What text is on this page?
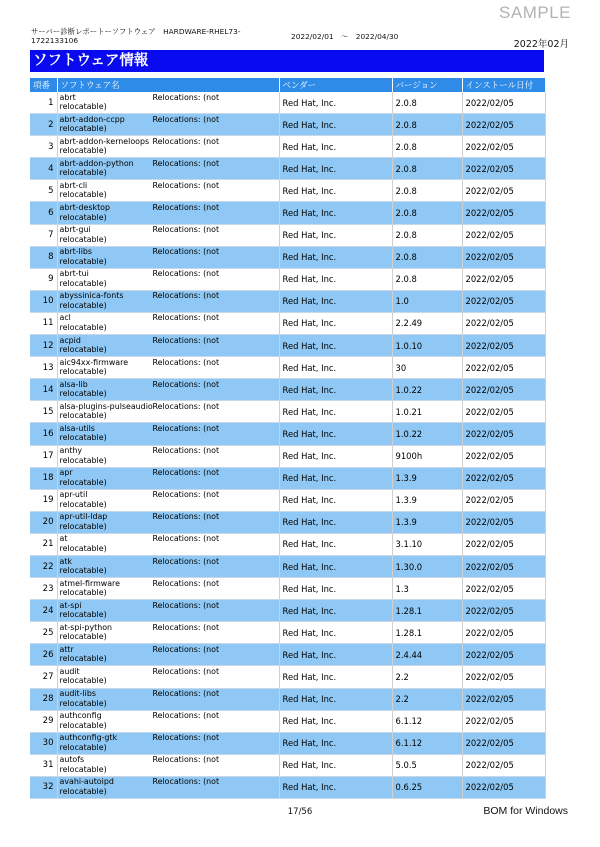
SAMPLE
サーバー診断レポートーソフトウェア　HARDWARE-RHEL73-1722133106	2022/02/01　～　2022/04/30
2022年02月
ソフトウェア情報
項番	ソフトウェア名	ベンダー	バージョン	インストール日付
1	abrt Relocations: (not
relocatable)	Red Hat, Inc.	2.0.8	2022/02/05
2	abrt-addon-ccpp Relocations: (not
relocatable)	Red Hat, Inc.	2.0.8	2022/02/05
3	abrt-addon-kerneloops Relocations: (not
relocatable)	Red Hat, Inc.	2.0.8	2022/02/05
4	abrt-addon-python Relocations: (not
relocatable)	Red Hat, Inc.	2.0.8	2022/02/05
5	abrt-cli Relocations: (not
relocatable)	Red Hat, Inc.	2.0.8	2022/02/05
6	abrt-desktop Relocations: (not
relocatable)	Red Hat, Inc.	2.0.8	2022/02/05
7	abrt-gui Relocations: (not
relocatable)	Red Hat, Inc.	2.0.8	2022/02/05
8	abrt-libs Relocations: (not
relocatable)	Red Hat, Inc.	2.0.8	2022/02/05
9	abrt-tui Relocations: (not
relocatable)	Red Hat, Inc.	2.0.8	2022/02/05
10	abyssinica-fonts Relocations: (not
relocatable)	Red Hat, Inc.	1.0	2022/02/05
11	acl Relocations: (not
relocatable)	Red Hat, Inc.	2.2.49	2022/02/05
12	acpid Relocations: (not
relocatable)	Red Hat, Inc.	1.0.10	2022/02/05
13	aic94xx-firmware Relocations: (not
relocatable)	Red Hat, Inc.	30	2022/02/05
14	alsa-lib Relocations: (not
relocatable)	Red Hat, Inc.	1.0.22	2022/02/05
15	alsa-plugins-pulseaudioRelocations: (not
relocatable)	Red Hat, Inc.	1.0.21	2022/02/05
16	alsa-utils Relocations: (not
relocatable)	Red Hat, Inc.	1.0.22	2022/02/05
17	anthy Relocations: (not
relocatable)	Red Hat, Inc.	9100h	2022/02/05
18	apr Relocations: (not
relocatable)	Red Hat, Inc.	1.3.9	2022/02/05
19	apr-util Relocations: (not
relocatable)	Red Hat, Inc.	1.3.9	2022/02/05
20	apr-util-ldap Relocations: (not
relocatable)	Red Hat, Inc.	1.3.9	2022/02/05
21	at Relocations: (not
relocatable)	Red Hat, Inc.	3.1.10	2022/02/05
22	atk Relocations: (not
relocatable)	Red Hat, Inc.	1.30.0	2022/02/05
23	atmel-firmware Relocations: (not
relocatable)	Red Hat, Inc.	1.3	2022/02/05
24	at-spi Relocations: (not
relocatable)	Red Hat, Inc.	1.28.1	2022/02/05
25	at-spi-python Relocations: (not
relocatable)	Red Hat, Inc.	1.28.1	2022/02/05
26	attr Relocations: (not
relocatable)	Red Hat, Inc.	2.4.44	2022/02/05
27	audit Relocations: (not
relocatable)	Red Hat, Inc.	2.2	2022/02/05
28	audit-libs Relocations: (not
relocatable)	Red Hat, Inc.	2.2	2022/02/05
29	authconfig Relocations: (not
relocatable)	Red Hat, Inc.	6.1.12	2022/02/05
30	authconfig-gtk Relocations: (not
relocatable)	Red Hat, Inc.	6.1.12	2022/02/05
31	autofs Relocations: (not
relocatable)	Red Hat, Inc.	5.0.5	2022/02/05
32	avahi-autoipd Relocations: (not
relocatable)	Red Hat, Inc.	0.6.25	2022/02/05
17/56	BOM for Windows
